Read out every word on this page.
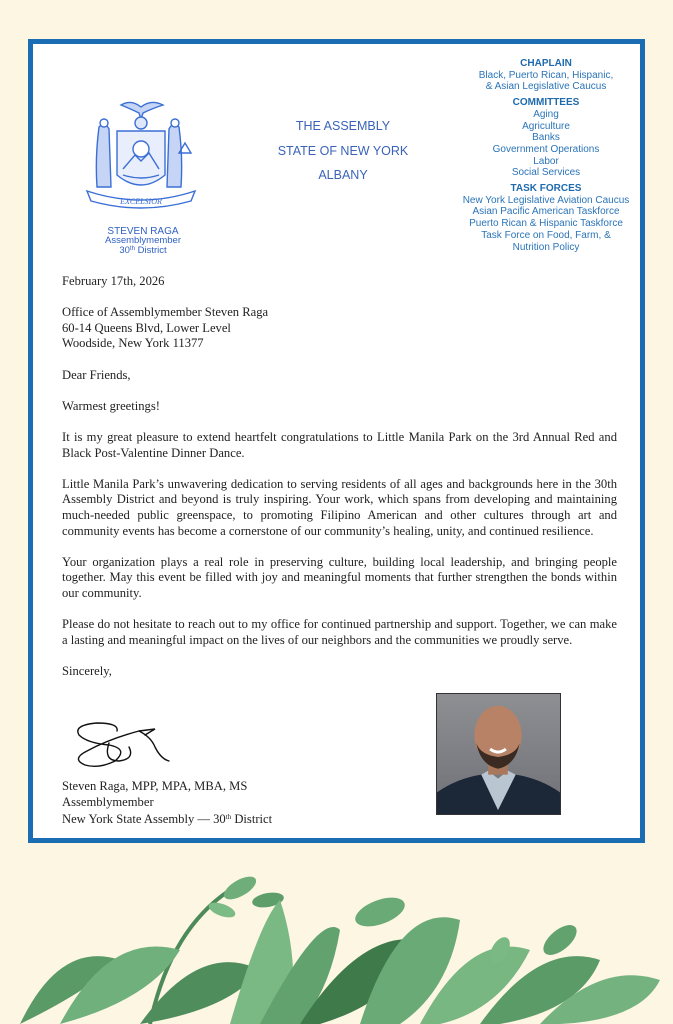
EXCELSIOR
STEVEN RAGA
Assemblymember
30th District
THE ASSEMBLY
STATE OF NEW YORK
ALBANY
CHAPLAIN
Black, Puerto Rican, Hispanic,
& Asian Legislative Caucus
COMMITTEES
Aging
Agriculture
Banks
Government Operations
Labor
Social Services
TASK FORCES
New York Legislative Aviation Caucus
Asian Pacific American Taskforce
Puerto Rican & Hispanic Taskforce
Task Force on Food, Farm, &
Nutrition Policy

February 17th, 2026

Office of Assemblymember Steven Raga
60-14 Queens Blvd, Lower Level
Woodside, New York 11377

Dear Friends,

Warmest greetings!

It is my great pleasure to extend heartfelt congratulations to Little Manila Park on the 3rd Annual Red and Black Post-Valentine Dinner Dance.

Little Manila Park’s unwavering dedication to serving residents of all ages and backgrounds here in the 30th Assembly District and beyond is truly inspiring. Your work, which spans from developing and maintaining much-needed public greenspace, to promoting Filipino American and other cultures through art and community events has become a cornerstone of our community’s healing, unity, and continued resilience.

Your organization plays a real role in preserving culture, building local leadership, and bringing people together. May this event be filled with joy and meaningful moments that further strengthen the bonds within our community.

Please do not hesitate to reach out to my office for continued partnership and support. Together, we can make a lasting and meaningful impact on the lives of our neighbors and the communities we proudly serve.

Sincerely,

Steven Raga, MPP, MPA, MBA, MS
Assemblymember
New York State Assembly — 30th District
